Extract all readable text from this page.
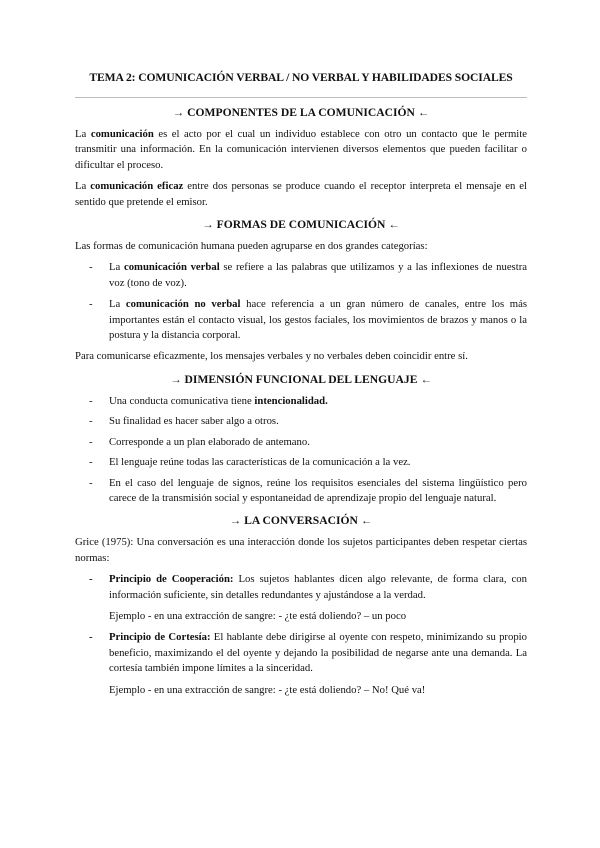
TEMA 2: COMUNICACIÓN VERBAL / NO VERBAL Y HABILIDADES SOCIALES
→ COMPONENTES DE LA COMUNICACIÓN ←

La comunicación es el acto por el cual un individuo establece con otro un contacto que le permite transmitir una información. En la comunicación intervienen diversos elementos que pueden facilitar o dificultar el proceso.

La comunicación eficaz entre dos personas se produce cuando el receptor interpreta el mensaje en el sentido que pretende el emisor.

→ FORMAS DE COMUNICACIÓN ←

Las formas de comunicación humana pueden agruparse en dos grandes categorías:

- La comunicación verbal se refiere a las palabras que utilizamos y a las inflexiones de nuestra voz (tono de voz).
- La comunicación no verbal hace referencia a un gran número de canales, entre los más importantes están el contacto visual, los gestos faciales, los movimientos de brazos y manos o la postura y la distancia corporal.

Para comunicarse eficazmente, los mensajes verbales y no verbales deben coincidir entre sí.

→ DIMENSIÓN FUNCIONAL DEL LENGUAJE ←
- Una conducta comunicativa tiene intencionalidad.
- Su finalidad es hacer saber algo a otros.
- Corresponde a un plan elaborado de antemano.
- El lenguaje reúne todas las características de la comunicación a la vez.
- En el caso del lenguaje de signos, reúne los requisitos esenciales del sistema lingüístico pero carece de la transmisión social y espontaneidad de aprendizaje propio del lenguaje natural.
→ LA CONVERSACIÓN ←

Grice (1975): Una conversación es una interacción donde los sujetos participantes deben respetar ciertas normas:

- Principio de Cooperación: Los sujetos hablantes dicen algo relevante, de forma clara, con información suficiente, sin detalles redundantes y ajustándose a la verdad.
Ejemplo - en una extracción de sangre: - ¿te está doliendo? – un poco
- Principio de Cortesía: El hablante debe dirigirse al oyente con respeto, minimizando su propio beneficio, maximizando el del oyente y dejando la posibilidad de negarse ante una demanda. La cortesía también impone límites a la sinceridad.
Ejemplo - en una extracción de sangre: - ¿te está doliendo? – No! Qué va!
